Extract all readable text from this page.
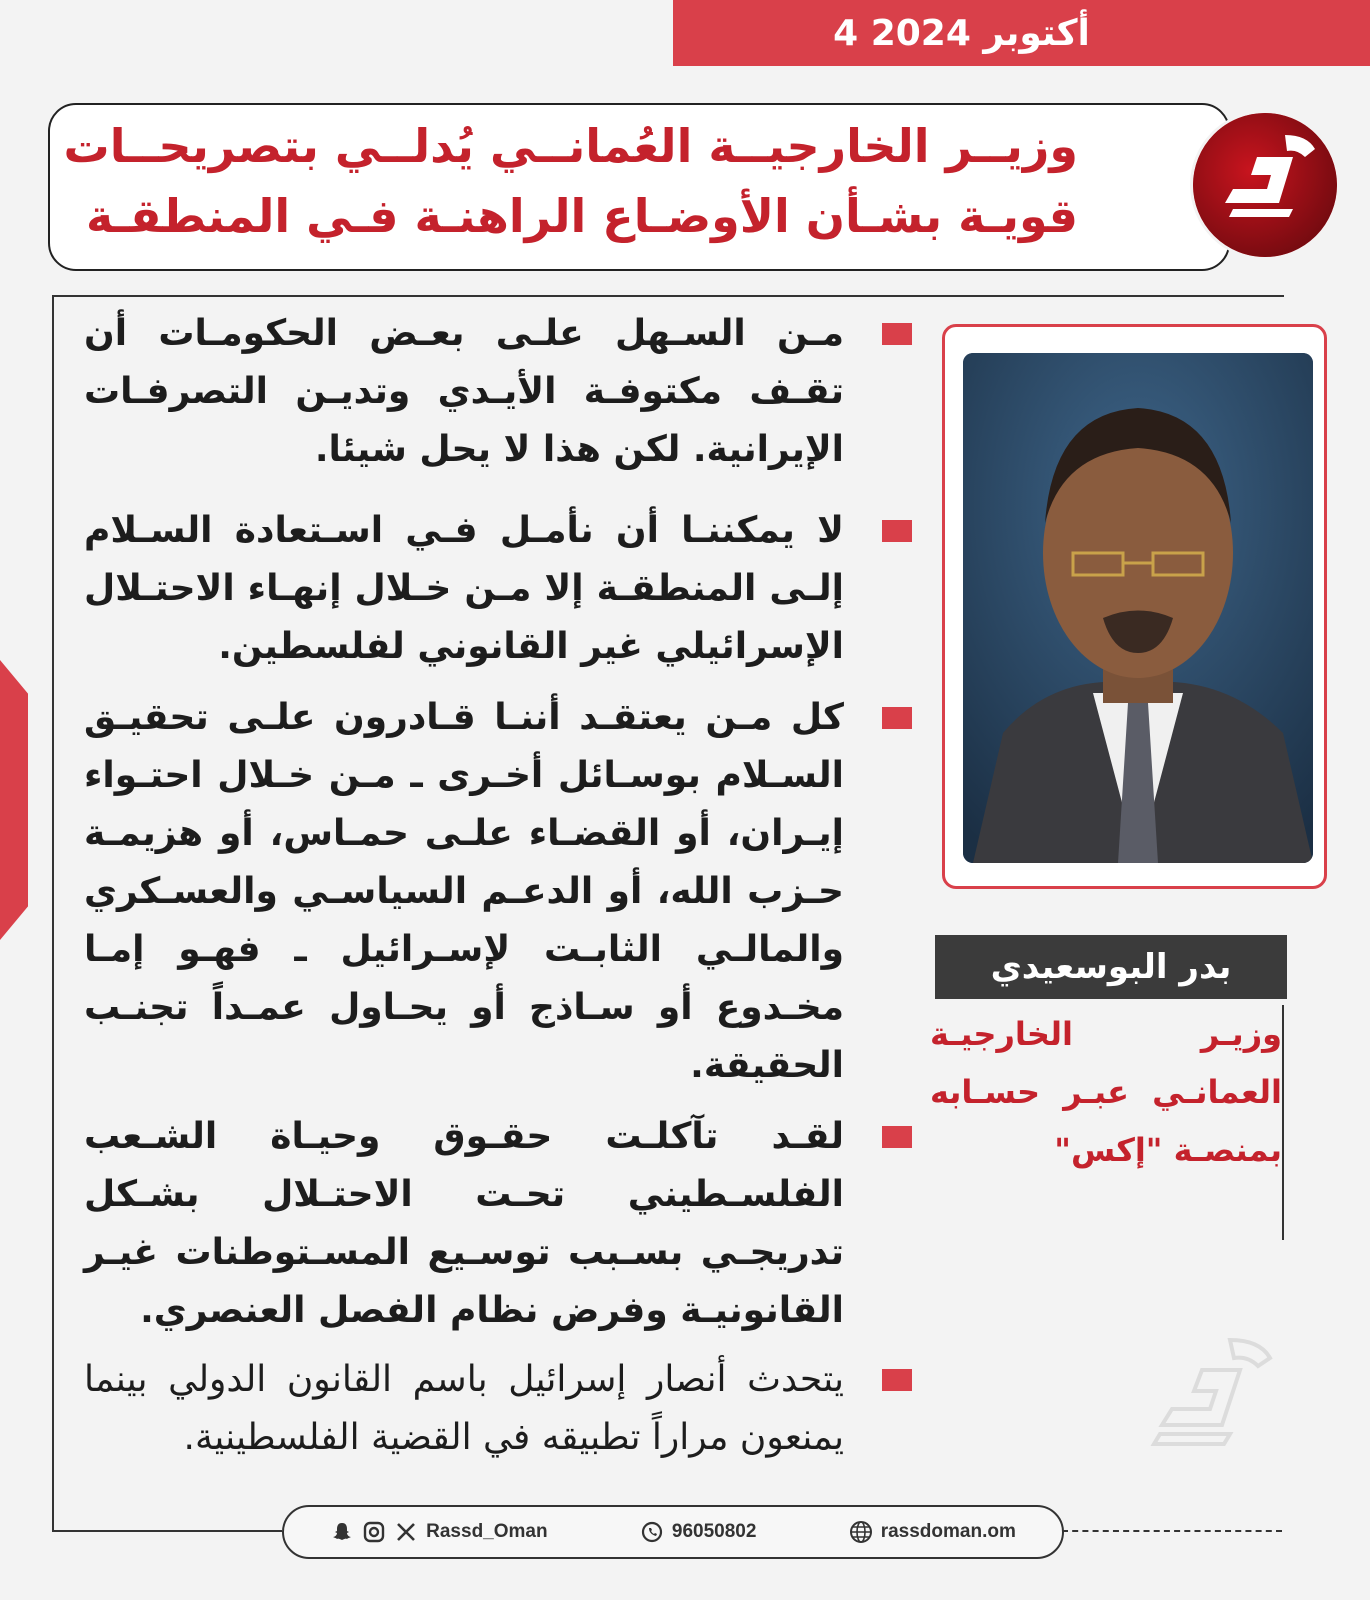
4 أكتوبر 2024
وزيــر الخارجيــة العُمانــي يُدلــي بتصريحــات
قويـة بشـأن الأوضـاع الراهنـة فـي المنطقـة
مـن السـهل علـى بعـض الحكومـات أن تقـف مكتوفـة الأيـدي وتديـن التصرفـات الإيرانية. لكن هذا لا يحل شيئا.
لا يمكننـا أن نأمـل فـي اسـتعادة السـلام إلـى المنطقـة إلا مـن خـلال إنهـاء الاحتـلال الإسرائيلي غير القانوني لفلسطين.
كل مـن يعتقـد أننـا قـادرون علـى تحقيـق السـلام بوسـائل أخـرى ـ مـن خـلال احتـواء إيـران، أو القضـاء علـى حمـاس، أو هزيمـة حـزب الله، أو الدعـم السياسـي والعسـكري والمالـي الثابـت لإسـرائيل ـ فهـو إمـا مخـدوع أو سـاذج أو يحـاول عمـداً تجنـب الحقيقة.
لقـد تآكلـت حقـوق وحيـاة الشـعب الفلسـطيني تحـت الاحتـلال بشـكل تدريجـي بسـبب توسـيع المسـتوطنات غيـر القانونيـة وفرض نظام الفصل العنصري.
يتحدث أنصار إسرائيل باسم القانون الدولي بينما يمنعون مراراً تطبيقه في القضية الفلسطينية.
بدر البوسعيدي
وزيـر الخارجيـة العمانـي عبـر حسـابه بمنصـة "إكس"
Rassd_Oman	96050802	rassdoman.om
